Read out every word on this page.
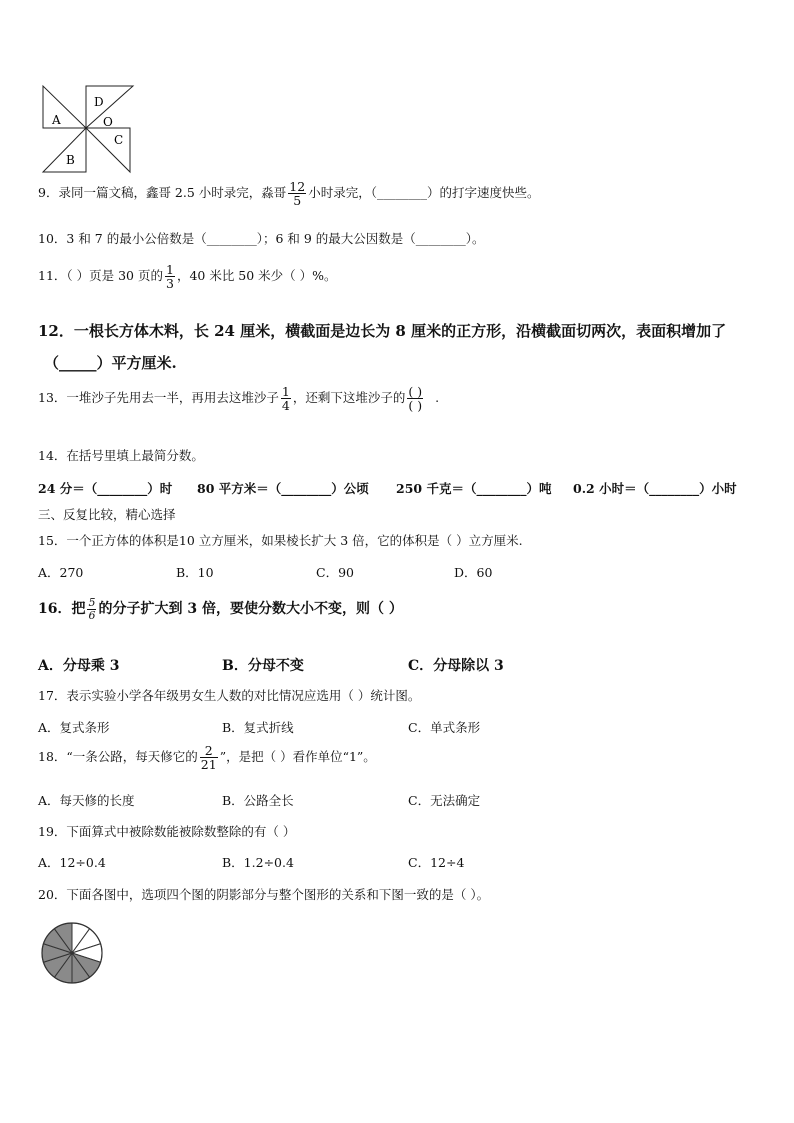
A
B
C
D
O
9．录同一篇文稿，鑫哥 2.5 小时录完，淼哥 $\frac{12}{5}$ 小时录完，（________）的打字速度快些。
10．3 和 7 的最小公倍数是（________）；6 和 9 的最大公因数是（________）。
11．（ ）页是 30 页的 $\frac{1}{3}$ ，40 米比 50 米少（ ）%。
12．一根长方体木料，长 24 厘米，横截面是边长为 8 厘米的正方形，沿横截面切两次，表面积增加了
（_____）平方厘米.
13．一堆沙子先用去一半，再用去这堆沙子 $\frac{1}{4}$ ，还剩下这堆沙子的 $\frac{( )}{( )}$ .
14．在括号里填上最简分数。
24 分＝（________）时 80 平方米＝（________）公顷 250 千克＝（________）吨 0.2 小时＝（________）小时
三、反复比较，精心选择
15．一个正方体的体积是10 立方厘米，如果棱长扩大 3 倍，它的体积是（ ）立方厘米.
A．270	B．10	C．90	D．60
16．把 $\frac{5}{6}$ 的分子扩大到 3 倍，要使分数大小不变，则（ ）
A．分母乘 3	B．分母不变	C．分母除以 3
17．表示实验小学各年级男女生人数的对比情况应选用（ ）统计图。
A．复式条形	B．复式折线	C．单式条形
18．“一条公路，每天修它的 $\frac{2}{21}$ ”，是把（ ）看作单位“1”。
A．每天修的长度	B．公路全长	C．无法确定
19．下面算式中被除数能被除数整除的有（ ）
A．12÷0.4	B．1.2÷0.4	C．12÷4
20．下面各图中，选项四个图的阴影部分与整个图形的关系和下图一致的是（ ）。
